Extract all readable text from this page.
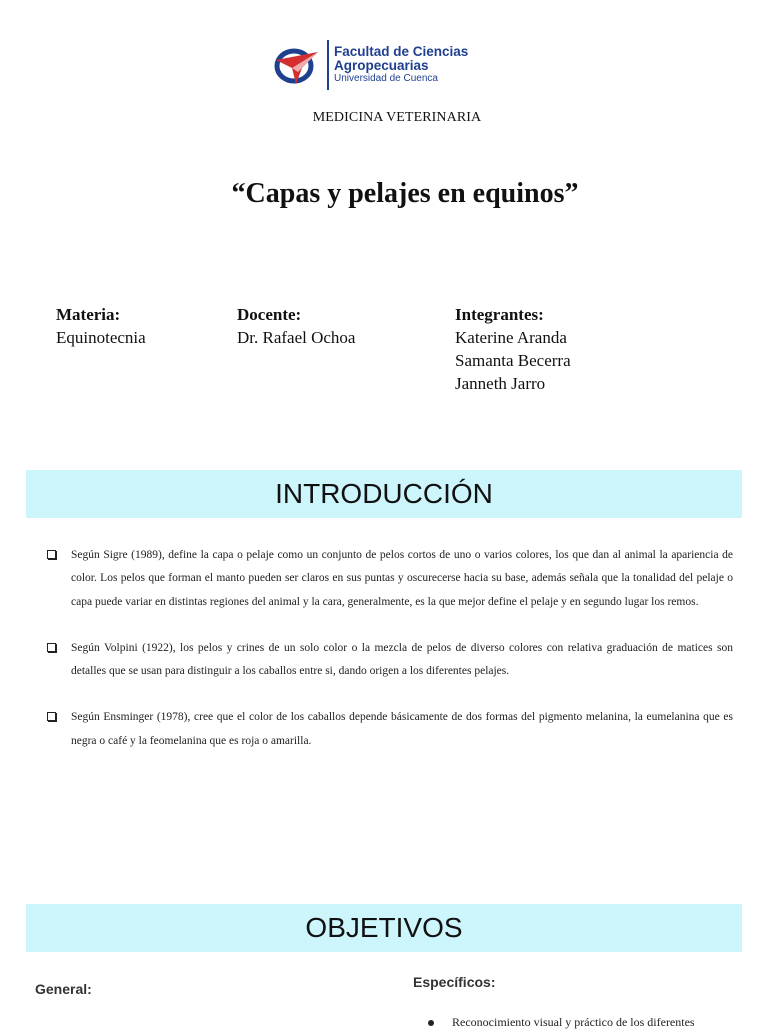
Facultad de Ciencias
Agropecuarias
Universidad de Cuenca
MEDICINA VETERINARIA
“Capas y pelajes en equinos”
Materia:
Equinotecnia
Docente:
Dr. Rafael Ochoa
Integrantes:
Katerine Aranda
Samanta Becerra
Janneth Jarro
INTRODUCCIÓN
Según Sigre (1989), define la capa o pelaje como un conjunto de pelos cortos de uno o varios colores, los que dan al animal la apariencia de color. Los pelos que forman el manto pueden ser claros en sus puntas y oscurecerse hacia su base, además señala que la tonalidad del pelaje o capa puede variar en distintas regiones del animal y la cara, generalmente, es la que mejor define el pelaje y en segundo lugar los remos.
Según Volpini (1922), los pelos y crines de un solo color o la mezcla de pelos de diverso colores con relativa graduación de matices son detalles que se usan para distinguir a los caballos entre si, dando origen a los diferentes pelajes.
Según Ensminger (1978), cree que el color de los caballos depende básicamente de dos formas del pigmento melanina, la eumelanina que es negra o café y la feomelanina que es roja o amarilla.
OBJETIVOS
General:	Específicos:
Reconocimiento visual y práctico de los diferentes
